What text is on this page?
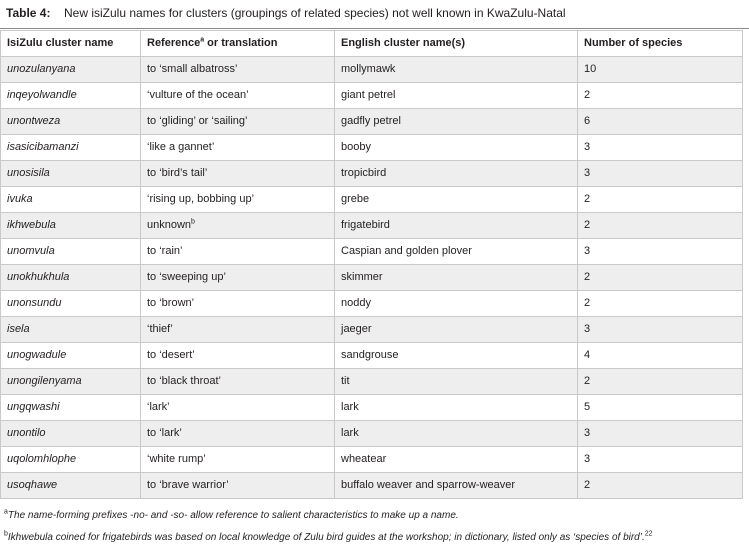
Table 4: New isiZulu names for clusters (groupings of related species) not well known in KwaZulu-Natal
IsiZulu cluster name	Reference$^a$ or translation	English cluster name(s)	Number of species
unozulanyana	to ‘small albatross’	mollymawk	10
inqeyolwandle	‘vulture of the ocean’	giant petrel	2
unontweza	to ‘gliding’ or ‘sailing’	gadfly petrel	6
isasicibamanzi	‘like a gannet’	booby	3
unosisila	to ‘bird’s tail’	tropicbird	3
ivuka	‘rising up, bobbing up’	grebe	2
ikhwebula	unknown$^b$	frigatebird	2
unomvula	to ‘rain’	Caspian and golden plover	3
unokhukhula	to ‘sweeping up’	skimmer	2
unonsundu	to ‘brown’	noddy	2
isela	‘thief’	jaeger	3
unogwadule	to ‘desert’	sandgrouse	4
unongilenyama	to ‘black throat’	tit	2
ungqwashi	‘lark’	lark	5
unontilo	to ‘lark’	lark	3
uqolomhlophe	‘white rump’	wheatear	3
usoqhawe	to ‘brave warrior’	buffalo weaver and sparrow-weaver	2
$^a$The name-forming prefixes -no- and -so- allow reference to salient characteristics to make up a name.
$^b$Ikhwebula coined for frigatebirds was based on local knowledge of Zulu bird guides at the workshop; in dictionary, listed only as ‘species of bird’.$^{22}$
